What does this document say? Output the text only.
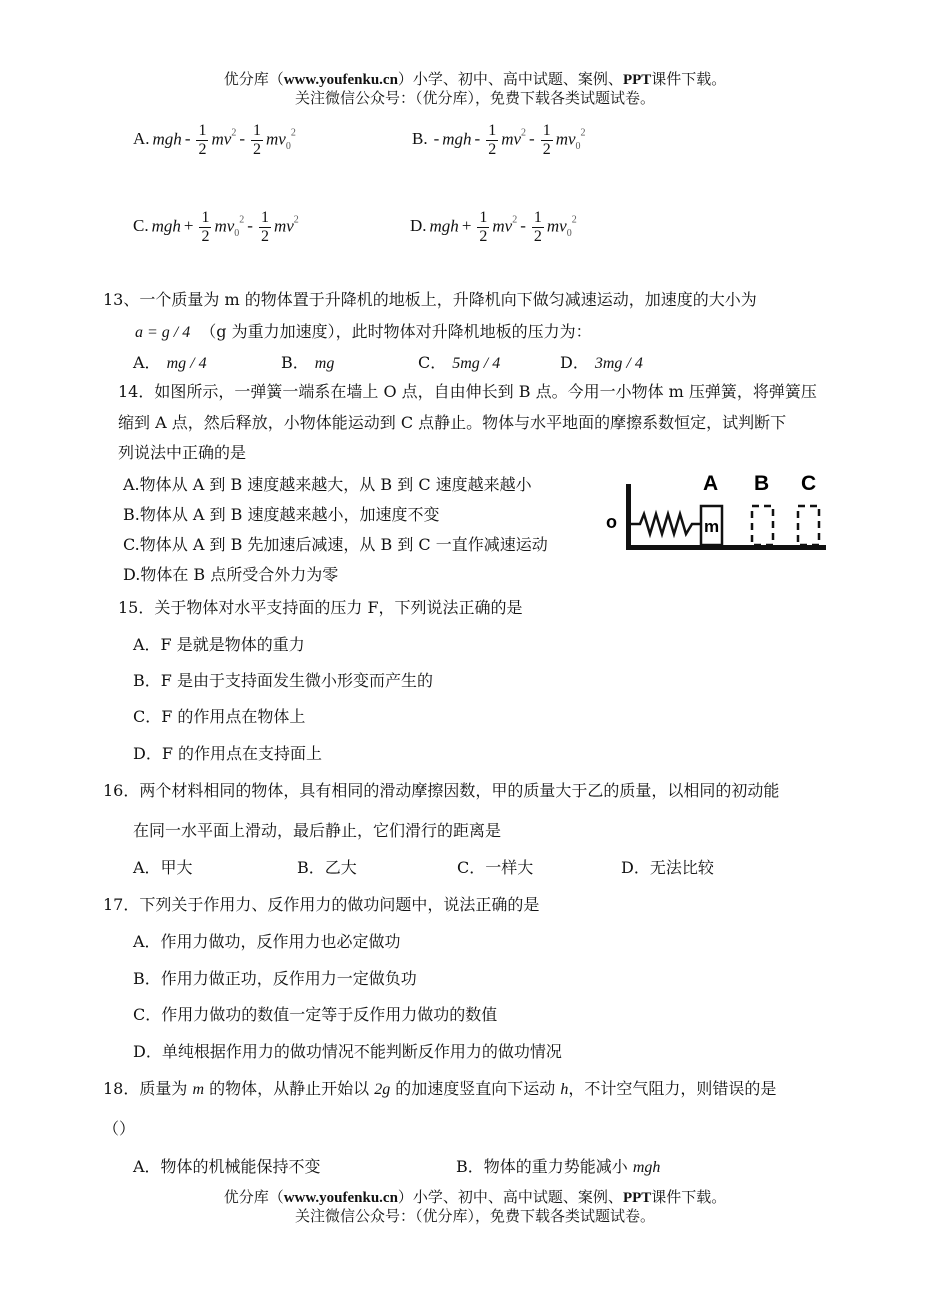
优分库（www.youfenku.cn）小学、初中、高中试题、案例、PPT课件下载。
关注微信公众号：（优分库），免费下载各类试题试卷。
A. mgh - $\frac{1}{2} mv^2 - \frac{1}{2} mv_0^2$	B. - mgh - $\frac{1}{2} mv^2 - \frac{1}{2} mv_0^2$
C. mgh + $\frac{1}{2} mv_0^2 - \frac{1}{2} mv^2$	D. mgh + $\frac{1}{2} mv^2 - \frac{1}{2} mv_0^2$
13、一个质量为 m 的物体置于升降机的地板上，升降机向下做匀减速运动，加速度的大小为
a = g / 4 （g 为重力加速度），此时物体对升降机地板的压力为：
A． mg / 4	B． mg	C． 5mg / 4	D． 3mg / 4
14．如图所示，一弹簧一端系在墙上 O 点，自由伸长到 B 点。今用一小物体 m 压弹簧，将弹簧压
缩到 A 点，然后释放，小物体能运动到 C 点静止。物体与水平地面的摩擦系数恒定，试判断下
列说法中正确的是
A.物体从 A 到 B 速度越来越大，从 B 到 C 速度越来越小
B.物体从 A 到 B 速度越来越小，加速度不变
C.物体从 A 到 B 先加速后减速，从 B 到 C 一直作减速运动
D.物体在 B 点所受合外力为零
o	m
A B C
15．关于物体对水平支持面的压力 F，下列说法正确的是
A．F 是就是物体的重力
B．F 是由于支持面发生微小形变而产生的
C．F 的作用点在物体上
D．F 的作用点在支持面上
16．两个材料相同的物体，具有相同的滑动摩擦因数，甲的质量大于乙的质量，以相同的初动能
在同一水平面上滑动，最后静止，它们滑行的距离是
A．甲大	B．乙大	C．一样大	D．无法比较
17．下列关于作用力、反作用力的做功问题中，说法正确的是
A．作用力做功，反作用力也必定做功
B．作用力做正功，反作用力一定做负功
C．作用力做功的数值一定等于反作用力做功的数值
D．单纯根据作用力的做功情况不能判断反作用力的做功情况
18．质量为 m 的物体，从静止开始以 2g 的加速度竖直向下运动 h，不计空气阻力，则错误的是
（）
A．物体的机械能保持不变	B．物体的重力势能减小 mgh
优分库（www.youfenku.cn）小学、初中、高中试题、案例、PPT课件下载。
关注微信公众号：（优分库），免费下载各类试题试卷。
